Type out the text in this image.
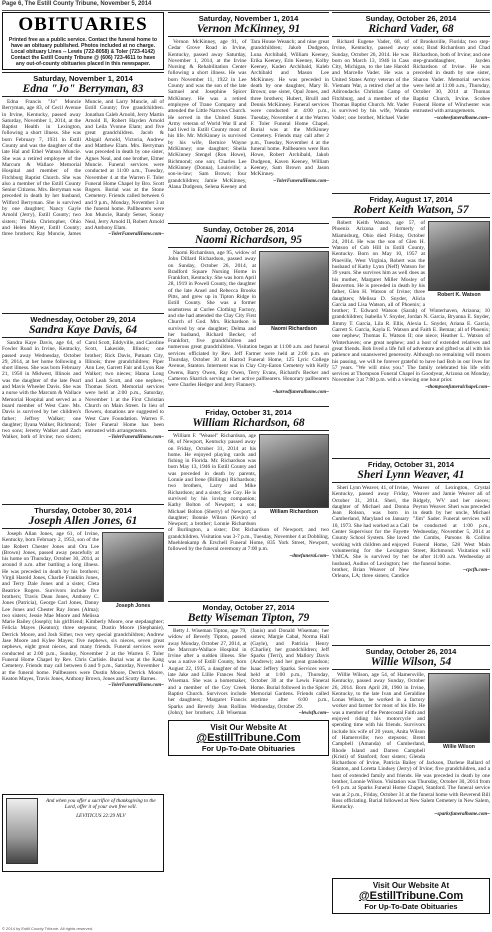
Page 6, The Estill County Tribune, November 5, 2014
OBITUARIES

Printed free as a public service. Contact the funeral home to have an obituary published. Photos included at no charge.

Local obituary Lines -- Lewis (722-8058) & Toler (723-4142)

Contact the Estill County Tribune @ (606) 723-4611 to have

any out-of-county obituaries placed in this newspaper.

Saturday, November 1, 2014
Edna "Jo" Berryman, 83

Edna Francis "Jo" Muncie Berryman, age 83, of Cecil Avenue in Irvine, Kentucky, passed away Saturday, November 1, 2014, at the Baptist Health in Lexington, following a short illness. She was born February 7, 1931 in Estill County and was the daughter of the late Hal and Ethel Watson Muncie. She was a retired employee of the Marcum & Wallace Memorial Hospital and member of the Fitchburg Baptist Church. She was also a member of the Estill County Senior Citizens. Mrs. Berryman was preceded in death by her husband, Wilford Berryman. She is survived by one daughter; Nancy Gayle Arnold (Jerry), Estill County; two sisters; Thelda Christopher, Ohio and Helen Meyer, Estill County; three brothers; Ray Muncie, James Muncie, and Larry Muncie, all of Estill County; five grandchildren. Jonathan Caleb Arnold, Jerry Martin Arnold II, Robert Hayden Arnold and Leila Yvonne Elam; and five great grandchildren. Jacob & Abigail Arnold, Victoria, Andrew and Matthew Elam. Mrs. Berryman was preceded in death by one sister, Agnes Neal, and one brother, Elmer Muncie. Funeral services were conducted at 11:00 a.m., Tuesday, November 4 at the Warren F. Toler Funeral Home Chapel by Bro. Scott Rogers. Burial was at the Stone Cemetery. Friends called between 6 and 9 p.m., Monday, November 3 at the funeral home. Pallbearers were Jon Muncie, Randy Setser, Sonny Neal, Jerry Arnold II, Robert Arnold and Anthony Elam.

~TolerFuneralHome.com~
Wednesday, October 29, 2014
Sandra Kaye Davis, 64

Sandra Kaye Davis, age 64, of Fowler Road in Irvine, Kentucky, passed away Wednesday, October 29, 2014, at her home following a short illness. She was born February 21, 1950 in Midwest, Illinois and was the daughter of the late Pearl and Mavis Wheeler Davis. She was a nurse with the Marcum & Wallace Memorial Hospital and served as a board member of West Care. Ms. Davis is survived by her children's father; Jeffrey Walker; one daughter; Ilyana Walker, Richmond; two sons; Jeremy Walker and Zach Walker, both of Irvine; two sisters; Carol Scott, Eddyville, and Caroline Scott, Lakeside, Illinois; one brother; Rick Davis, Putnam City, Illinois; three grandchildren; Piper Ann Lee, Garrett Fair and Lyon Rae Walker; two nieces; Hanna Long and Leah Scott, and one nephew; Thomas Scott. Memorial services were held at 2:00 p.m., Saturday, November 1 at the First Christian Church on Main Street. In lieu of flowers, donations are suggested to West Care Foundation. Warren F. Toler Funeral Home has been entrusted with arrangements.

~TolerFuneralHome.com~
Thursday, October 30, 2014
Joseph Allen Jones, 61
Joseph Jones

Joseph Allan Jones, age 61, of Irvine, Kentucky, born February 2, 1953, son of the late Robert Chester Jones and Ora Lee (Brown) Jones, passed away peacefully at his home on Thursday, October 30, 2014, at around 8 a.m. after battling a long illness. He was preceded in death by his brothers; Virgil Harold Jones, Charlie Franklin Jones, and Terry Dale Jones and a sister, Cleta Beatrice Rogers. Survivors include five brothers; Travis Dean Jones, Anthony C. Jones (Patricia), George Carl Jones, Danny Lee Jones and Chester Ray Jones (Alma); two sisters; Jessie Mae Moore and Melissa Marie Bailey (Joseph); his girlfriend; Kimberly Moore, one stepdaughter; Felicia Mayes (Keaton); three stepsons; Dustin Moore (Stephanie), Derrick Moore, and Josh Sither, two very special grandchildren; Andrew Jase Moore and Kylee Mayes; five nephews, six nieces, seven great nephews, eight great nieces, and many friends. Funeral services were conducted at 2:00 p.m., Sunday, November 2 at the Warren F. Toler Funeral Home Chapel by Rev. Chris Carlisle. Burial was at the Kang Cemetery. Friends may call between 6 and 9 p.m., Saturday, November 1 at the funeral home. Pallbearers were Dustin Moore, Derrick Moore, Keaton Mayes, Travis Jones, Anthony Brown, Jones and Scotty Barnes.

~TolerFuneralHome.com~
And when you offer a sacrifice of thanksgiving to the Lord, offer it of your own free will.
LEVITICUS 22:29 NLV
Saturday, November 1, 2014
Vernon McKinney, 91

Vernon McKinney, age 91, of Cedar Grove Road in Irvine, Kentucky, passed away Saturday, November 1, 2014, at the Irvine Nursing & Rehabilitation Center following a short illness. He was born November 11, 1922 in Lee County and was the son of the late Samuel and Josephine Spicer McKinney. He was a retired employee of Trane Company and attended the Little Narrows Church. He served in the United States Army veteran of World War II and had lived in Estill County most of his life. Mr. McKinney is survived by his wife, Bernice Wayne McKinney; one daughter; Sheila McKinney Stengel (Ron Howe), Richmond; one son; Charles Lee McKinney (Donna), Louisville; a son-in-law; Sam Brown; four grandchildren; Jamie McKinney, Alana Dudgeon, Selena Keeney and Tara House Weanch; and nine great grandchildren; Jakob Dudgeon, Luna Archibald, William Keeney, Erika Keeney, Erin Keeney, Kolby Keeney, Kaden Archibald, Kaleb Archibald and Mason Lee McKinney. He was preceded in death by one daughter, Mary B. Brown; one sister, Opal Jones, and three brothers; Hubert, Bruill and Dennis McKinney. Funeral services were conducted at 4:00 p.m., Tuesday, November 4 at the Warren F. Toler Funeral Home Chapel. Burial was at the McKinney Cemetery. Friends may call after 2 p.m., Tuesday, November 4 at the funeral home. Pallbearers were Ron Howe, Robert Archibald, Jakob Dudgeon, Kaven Keeney, William Keeney, Sam Brown and Jason McKinney.

~TolerFuneralHome.com~
Sunday, October 26, 2014
Naomi Richardson, 95
Naomi Richardson

Naomi Richardson, age 95, widow of John Dillard Richardson, passed away on Sunday, October 26, 2014, at Bradford Square Nursing Home in Frankfort, Kentucky. She was born April 28, 1919 in Powell County, the daughter of the late Ansel and Rebecca Brooks Pitts, and grew up in Tipton Ridge in Estill County. She was a former seamstress at Curlee Clothing Factory, and she had attended the Clay City First Church of God. Mrs. Richardson is survived by one daughter; Delma and her husband, Richard Becker, of Frankfort, five grandchildren and numerous great grandchildren. Visitation began at 11:00 a.m. and funeral services officiated by Rev. Jeff Farmer were held at 2:00 p.m. on Thursday, October 30 at Harrod Funeral Home, 125 Lyric College Avenue, Stanton. Interment was in Clay City-Eaton Cemetery with Kelly Owens, Barry Owen, Ray Owen, Terry Evans, Richard's Becker and Cameron Sharrick serving as her active pallbearers. Honorary pallbearers were Charles Hedger and Jerry Flannery.

~harrodfuneralhome.com~
Friday, October 31, 2014
William Richardson, 68
William Richardson

William F. "Weasel" Richardson, age 68, of Newport, Kentucky passed away on Friday, October 31, 2014 at his home. He enjoyed playing cards and fishing in Florida. Mr. Richardson was born May 13, 1946 in Estill County and was preceded in death by parents, Lonnie and Irene (Billings) Richardson; two brothers, Larry and Mike Richardson; and a sister, Sue Coy. He is survived by his loving companion; Kathy Bolton of Newport; a son; Michael Bolton (Sherry) of Newport; a daughter; Bonnie Wilson (Kevin) of Newport; a brother; Lonnie Richardson of Burlington, a sister; Dot Richardson of Newport; and two grandchildren. Visitation was 3-7 p.m., Tuesday, November 4 at Dobbling, Muehlenkamp & Erschell Funeral Home, 835 York Street, Newport, followed by the funeral ceremony at 7:00 p.m.

~dmefuneral.com~
Monday, October 27, 2014
Betty Wiseman Tipton, 79

Betty J. Wiseman Tipton, age 79, widow of Beverly Tipton, passed away Monday, October 27, 2014, at the Marcum-Wallace Hospital in Irvine after a sudden illness. She was a native of Estill County, born August 22, 1935, a daughter of the late Jake and Lillie Frances Neal Wiseman. She was a homemaker, and a member of the Coy Creek Baptist Church. Survivors include her daughters; Margaret Francis Sparks and Beverly Jean Rollins (John); her brothers; J.B Wiseman (Janis) and Donald Wiseman; her sisters; Margie Cabal, Norma Hall (Gayle), and Patricia Henry (Charlie); her grandchildren; Jeff Sparks (Terri), and Mallory Davis (Andrew); and her great grandson; Isaac Jeffery Sparks. Services were held at 1:00 p.m., Thursday, October 30 at the Lewis Funeral Home. Burial followed in the Spicer Memorial Gardens. Friends called anytime after 6:00 p.m., Wednesday, October 29.

~lewisfh.com~
Visit Our Website At
@EstillTribune.Com
For Up-To-Date Obituaries
Sunday, October 26, 2014
Richard Vader, 68

Richard Eugene Vader, 68, of Irvine, Kentucky, passed away Sunday, October 26, 2014. He was born on March 13, 1946 in Cass City, Michigan, to the late Harold and Marcelle Vader. He was a United States Army veteran of the Vietnam War, a retired chef at the Adirondacks Christian Camp of Fitchburg, and a member of the Thomas Baptist Church. Mr. Vader is survived by his wife, Wanda Vader; one brother, Michael Vader of Brooksville, Florida; two step-sons; Brad Richardson and Chad Richardson, both of Irvine; and one step-granddaughter, Jayden Richardson of Irvine. He was preceded in death by one sister, Sharon Vader. Memorial services were held at 11:00 a.m., Thursday, October 30, 2014 at Thomas Baptist Church, Irvine. Scobee Funeral Home of Winchester was entrusted with arrangements.

~scobeefuneralhome.com~
Friday, August 17, 2014
Robert Keith Watson, 57
Robert K. Watson

Robert Keith Watson, age 57, of Phoenix Arizona and formerly of Miamisburg, Ohio died Friday, October 24, 2014. He was the son of Glen H. Watson of Cob Hill in Estill County, Kentucky. Born on May 10, 1957 at Pineville, West Virginia, Robert was the husband of Kathy Lynn (Neff) Watson for 39 years. She survives him as well does as his mother, Margaret Miller Mosley of Beaverton. He is preceded in death by his father, Glen H. Watson of Irvine; three daughters; Melissa D. Snyder, Alicia Garcia and Lisa Watson, all of Phoenix; a brother; T. Edward Watson (Sarah) of Winterhaven, Arizona; 10 grandchildren; Isabella V. Snyder, Jordan N. Garcia, Bryanna E. Snyder, Jimmy T. Garcia, Lila R. Ellis, Alexia L. Snyder, Ariana E. Garcia, Garrett S. Garcia, Kayla E. Watson and Faith E. Beman; all of Phoenix; one nephew; Thomas E. Watson II; one niece; Heather L. Watson of Winterhaven; one great nephew; and a host of extended relatives and great friends. Bob lived a life full of adventure and gifted us all with his patience and unanswered generosity. Although no remaining will mourn his passing, we will be forever grateful to have had Bob in our lives for 57 years. "We will miss you." The family celebrated his life with services at Thompson Funeral Chapel in Goodyear, Arizona on Monday, November 3 at 7:00 p.m. with a viewing one hour prior.

~thompsonfuneralchapel.com~
Friday, October 31, 2014
Sheri Lynn Weaver, 41

Sheri Lynn Weaver, 41, of Irvine, Kentucky, passed away Friday, October 31, 2014. Sheri, the daughter of Michael and Donna Jean Rolson, was born in Cumberland, Maryland on January 10, 1973. She had worked as a Call Center Supervisor for the Fayette County School System. She loved working with children and enjoyed volunteering for the Lexington YMCA. She is survived by her husband, Audios of Lexington; her brother, Brian Weaver of New Orleans, LA; three sisters; Candice Weaver of Lexington, Crystal Weaver and Jamie Weaver all of Ridgely, WV and her nieces; Peyton Weaver. Sheri was preceded in death by her uncle, Michael "Jim" Sader. Funeral services will be conducted at 1:00 p.m., Wednesday, November 5, 2014 at the Combs, Parsons & Collins Funeral Home, 528 West Main Street, Richmond. Visitation will be after 11:00 a.m. Wednesday at the funeral home.

~cpcfh.com~
Sunday, October 26, 2014
Willie Wilson, 54
Willie Wilson

Willie Wilson, age 54, of Hamersville, Kentucky, passed away Sunday, October 26, 2014. Born April 28, 1960 in Irvine, Kentucky, to the late Ivan and Geraldine Lonas Wilson, he worked in a factory worker and farmer for most of his life. He was a member of the Pentecostal Faith and enjoyed riding his motorcycle and spending time with his friends. Survivors include his wife of 20 years, Anita Wilson of Hamersville; two stepsons; Brent Campbell (Amanda) of Cumberland, Rhode Island and Darren Campbell (Kristi) of Stanford; four sisters; Glenda Richardson of Irvine, Patricia Bailey of Jackson, Darlene Ballard of Stanton, and Loretta Lindsey (Jerry) of Irvine; five grandchildren, and a host of extended family and friends. He was preceded in death by one brother, Lonnie Wilson. Visitation was Thursday, October 30, 2014 from 6-9 p.m. at Sparks Funeral Home Chapel, Stanford. The funeral service was at 2 p.m., Friday, October 31 at the funeral home with Reverend Bill Ross officiating. Burial followed at New Salem Cemetery in New Salem, Kentucky.

~sparksfuneralhome.com~
Visit Our Website At
@EstillTribune.Com
For Up-To-Date Obituaries
© 2014 by Estill County Tribune. All rights reserved.
